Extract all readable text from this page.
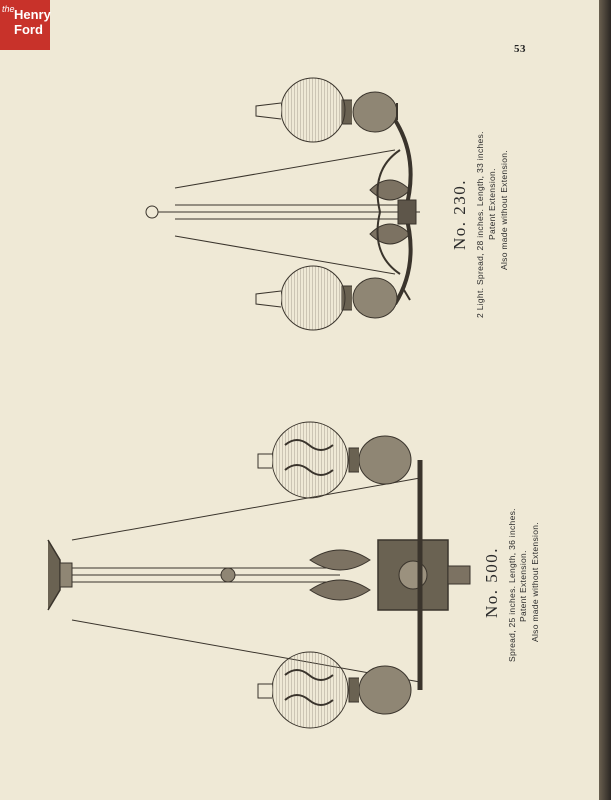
the Henry
Ford
53
No. 230. 2 Light. Spread, 28 inches. Length, 33 inches. Patent Extension. Also made without Extension.
No. 500. Spread, 25 inches. Length, 36 inches. Patent Extension. Also made without Extension.
